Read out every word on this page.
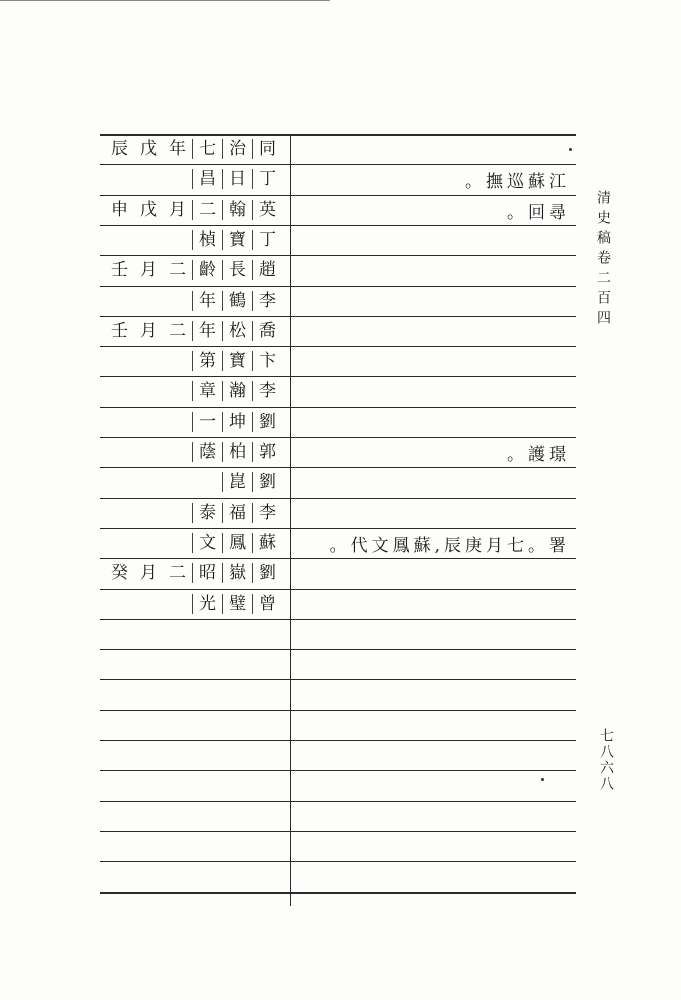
辰 戊 年 七 治 同
昌 日 丁
申 戊 月 二 翰 英
楨 寶 丁
壬 月 二 齡 長 趙
年 鶴 李
壬 月 二 年 松 喬
第 寶 卞
章 瀚 李
一 坤 劉
蔭 柏 郭
崑 劉
泰 福 李
文 鳳 蘇
癸 月 二 昭 嶽 劉
光 璧 曾
。撫巡蘇江
。回尋
。護璟
。代文鳳蘇,辰庚月七。署
清史稿卷二百四
七八六八
